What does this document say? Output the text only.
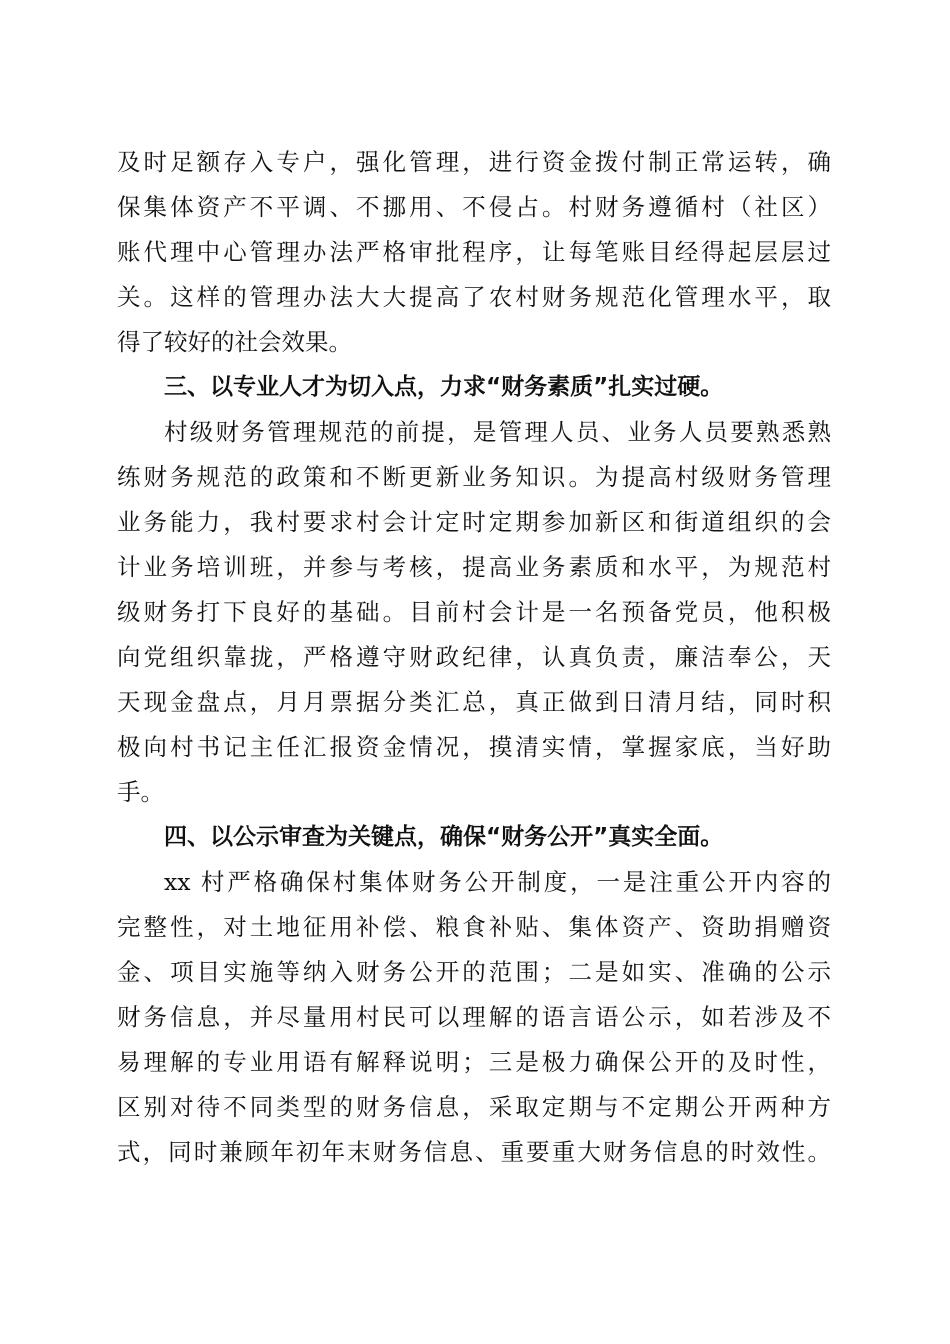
及时足额存入专户，强化管理，进行资金拨付制正常运转，确
保集体资产不平调、不挪用、不侵占。村财务遵循村（社区）
账代理中心管理办法严格审批程序，让每笔账目经得起层层过
关。这样的管理办法大大提高了农村财务规范化管理水平，取
得了较好的社会效果。
三、以专业人才为切入点，力求“财务素质”扎实过硬。
村级财务管理规范的前提，是管理人员、业务人员要熟悉熟
练财务规范的政策和不断更新业务知识。为提高村级财务管理
业务能力，我村要求村会计定时定期参加新区和街道组织的会
计业务培训班，并参与考核，提高业务素质和水平，为规范村
级财务打下良好的基础。目前村会计是一名预备党员，他积极
向党组织靠拢，严格遵守财政纪律，认真负责，廉洁奉公，天
天现金盘点，月月票据分类汇总，真正做到日清月结，同时积
极向村书记主任汇报资金情况，摸清实情，掌握家底，当好助
手。
四、以公示审查为关键点，确保“财务公开”真实全面。
xx 村严格确保村集体财务公开制度，一是注重公开内容的
完整性，对土地征用补偿、粮食补贴、集体资产、资助捐赠资
金、项目实施等纳入财务公开的范围；二是如实、准确的公示
财务信息，并尽量用村民可以理解的语言语公示，如若涉及不
易理解的专业用语有解释说明；三是极力确保公开的及时性，
区别对待不同类型的财务信息，采取定期与不定期公开两种方
式，同时兼顾年初年末财务信息、重要重大财务信息的时效性。
